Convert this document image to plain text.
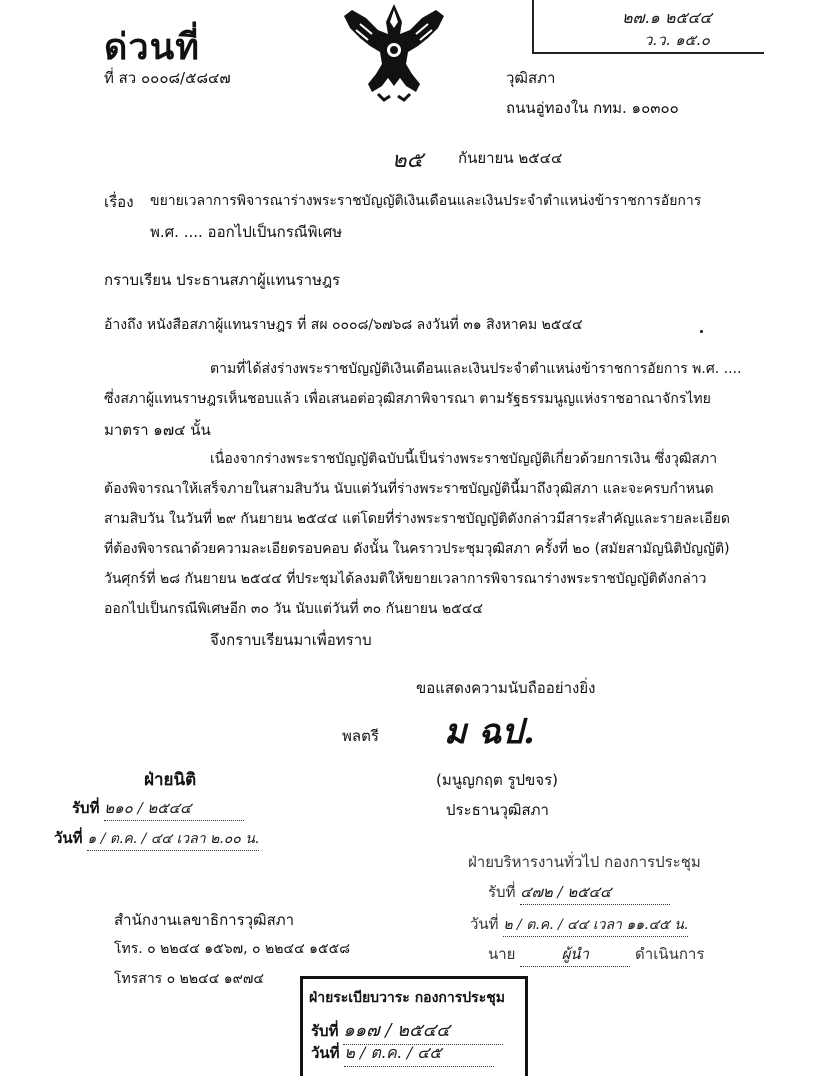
ด่วนที่
ที่ สว ๐๐๐๘/๕๘๔๗
๒๗.๑ ๒๕๔๔
ว.ว. ๑๕.๐
วุฒิสภา
ถนนอู่ทองใน กทม. ๑๐๓๐๐
๒๕ กันยายน ๒๕๔๔
เรื่อง ขยายเวลาการพิจารณาร่างพระราชบัญญัติเงินเดือนและเงินประจำตำแหน่งข้าราชการอัยการ
พ.ศ. .... ออกไปเป็นกรณีพิเศษ
กราบเรียน ประธานสภาผู้แทนราษฎร
อ้างถึง หนังสือสภาผู้แทนราษฎร ที่ สผ ๐๐๐๘/๖๗๖๘ ลงวันที่ ๓๑ สิงหาคม ๒๕๔๔
ตามที่ได้ส่งร่างพระราชบัญญัติเงินเดือนและเงินประจำตำแหน่งข้าราชการอัยการ พ.ศ. ....
ซึ่งสภาผู้แทนราษฎรเห็นชอบแล้ว เพื่อเสนอต่อวุฒิสภาพิจารณา ตามรัฐธรรมนูญแห่งราชอาณาจักรไทย
มาตรา ๑๗๔ นั้น
เนื่องจากร่างพระราชบัญญัติฉบับนี้เป็นร่างพระราชบัญญัติเกี่ยวด้วยการเงิน ซึ่งวุฒิสภา
ต้องพิจารณาให้เสร็จภายในสามสิบวัน นับแต่วันที่ร่างพระราชบัญญัตินี้มาถึงวุฒิสภา และจะครบกำหนด
สามสิบวัน ในวันที่ ๒๙ กันยายน ๒๕๔๔ แต่โดยที่ร่างพระราชบัญญัติดังกล่าวมีสาระสำคัญและรายละเอียด
ที่ต้องพิจารณาด้วยความละเอียดรอบคอบ ดังนั้น ในคราวประชุมวุฒิสภา ครั้งที่ ๒๐ (สมัยสามัญนิติบัญญัติ)
วันศุกร์ที่ ๒๘ กันยายน ๒๕๔๔ ที่ประชุมได้ลงมติให้ขยายเวลาการพิจารณาร่างพระราชบัญญัติดังกล่าว
ออกไปเป็นกรณีพิเศษอีก ๓๐ วัน นับแต่วันที่ ๓๐ กันยายน ๒๕๔๔
จึงกราบเรียนมาเพื่อทราบ
ขอแสดงความนับถืออย่างยิ่ง
พลตรี ม ฉป.
(มนูญกฤต รูปขจร)
ประธานวุฒิสภา
ฝ่ายนิติ
รับที่ ๒๑๐ / ๒๕๔๔
วันที่ ๑ / ต.ค. / ๔๔ เวลา ๒.๐๐ น.
ฝ่ายบริหารงานทั่วไป กองการประชุม
รับที่ ๔๗๒ / ๒๕๔๔
วันที่ ๒ / ต.ค. / ๔๔ เวลา ๑๑.๔๕ น.
นาย	ผู้นำ	ดำเนินการ
สำนักงานเลขาธิการวุฒิสภา
โทร. ๐ ๒๒๔๔ ๑๕๖๗, ๐ ๒๒๔๔ ๑๕๕๘
โทรสาร ๐ ๒๒๔๔ ๑๙๗๔
ฝ่ายระเบียบวาระ กองการประชุม
รับที่ ๑๑๗ / ๒๕๔๔
วันที่ ๒ / ต.ค. / ๔๕
